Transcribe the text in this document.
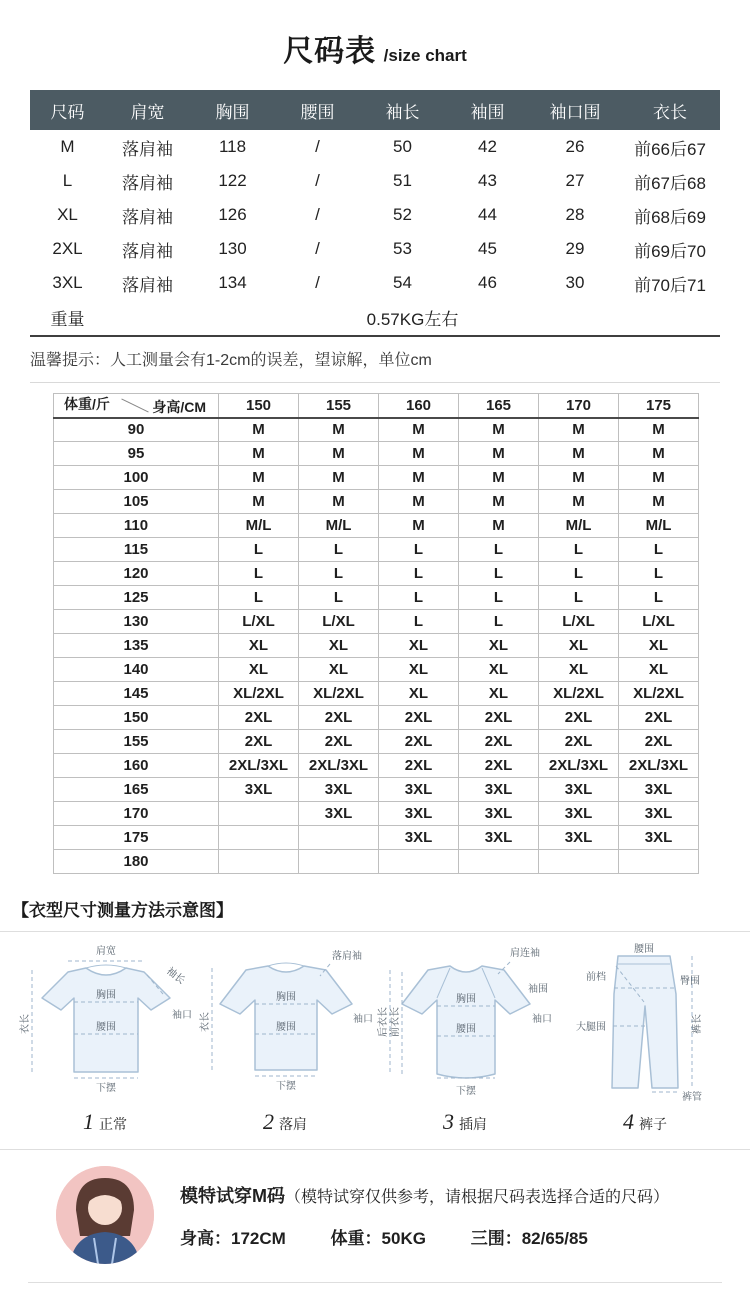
尺码表 /size chart
尺码	肩宽	胸围	腰围	袖长	袖围	袖口围	衣长
M	落肩袖	118	/	50	42	26	前66后67
L	落肩袖	122	/	51	43	27	前67后68
XL	落肩袖	126	/	52	44	28	前68后69
2XL	落肩袖	130	/	53	45	29	前69后70
3XL	落肩袖	134	/	54	46	30	前70后71
重量	0.57KG左右						
温馨提示：人工测量会有1-2cm的误差，望谅解，单位cm
身高/CM
体重/斤	150	155	160	165	170	175
90	M	M	M	M	M	M
95	M	M	M	M	M	M
100	M	M	M	M	M	M
105	M	M	M	M	M	M
110	M/L	M/L	M	M	M/L	M/L
115	L	L	L	L	L	L
120	L	L	L	L	L	L
125	L	L	L	L	L	L
130	L/XL	L/XL	L	L	L/XL	L/XL
135	XL	XL	XL	XL	XL	XL
140	XL	XL	XL	XL	XL	XL
145	XL/2XL	XL/2XL	XL	XL	XL/2XL	XL/2XL
150	2XL	2XL	2XL	2XL	2XL	2XL
155	2XL	2XL	2XL	2XL	2XL	2XL
160	2XL/3XL	2XL/3XL	2XL	2XL	2XL/3XL	2XL/3XL
165	3XL	3XL	3XL	3XL	3XL	3XL
170		3XL	3XL	3XL	3XL	3XL
175			3XL	3XL	3XL	3XL
180						
【衣型尺寸测量方法示意图】
肩宽
袖长
胸围
袖口
腰围
衣长
下摆
1 正常
落肩袖
胸围
袖口
腰围
衣长
下摆
2 落肩
肩连袖
袖围
袖口
胸围
腰围
后衣长 前衣长
下摆
3 插肩
腰围
臀围
前档
大腿围	裤长
裤管
4 裤子
模特试穿M码（模特试穿仅供参考，请根据尺码表选择合适的尺码）
身高：172CM	体重：50KG	三围：82/65/85
